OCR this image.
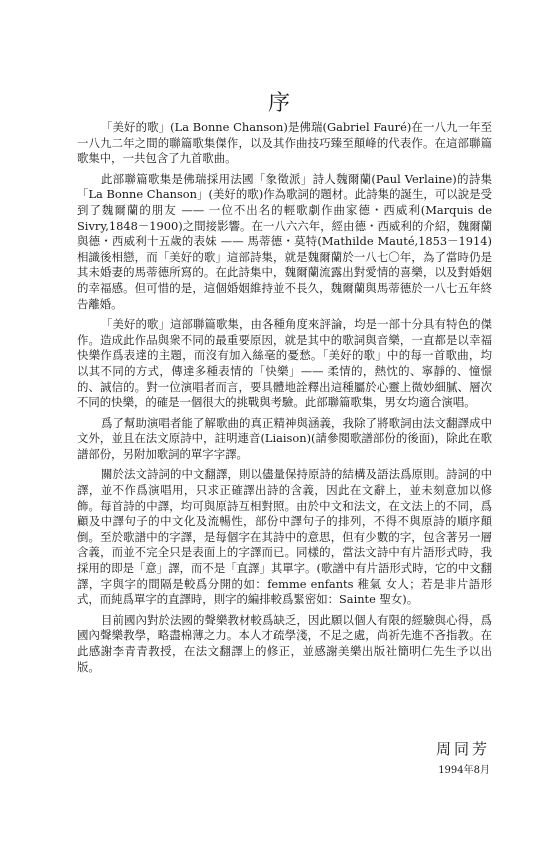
序

「美好的歌」(La Bonne Chanson)是佛瑞(Gabriel Fauré)在一八九一年至一八九二年之間的聯篇歌集傑作，以及其作曲技巧臻至顛峰的代表作。在這部聯篇歌集中，一共包含了九首歌曲。

此部聯篇歌集是佛瑞採用法國「象徵派」詩人魏爾蘭(Paul Verlaine)的詩集「La Bonne Chanson」(美好的歌)作為歌詞的題材。此詩集的誕生，可以說是受到了魏爾蘭的朋友 —— 一位不出名的輕歌劇作曲家德・西威利(Marquis de Sivry,1848－1900)之間接影響。在一八六六年，經由德・西威利的介紹，魏爾蘭與德・西威利十五歲的表妹 —— 馬蒂德・莫特(Mathilde Mauté,1853－1914)相識後相戀，而「美好的歌」這部詩集，就是魏爾蘭於一八七〇年，為了當時仍是其未婚妻的馬蒂德所寫的。在此詩集中，魏爾蘭流露出對愛情的喜樂，以及對婚姻的幸福感。但可惜的是，這個婚姻維持並不長久，魏爾蘭與馬蒂德於一八七五年終告離婚。

「美好的歌」這部聯篇歌集，由各種角度來評論，均是一部十分具有特色的傑作。造成此作品與衆不同的最重要原因，就是其中的歌詞與音樂，一直都是以幸福快樂作爲表達的主題，而沒有加入絲毫的憂愁。「美好的歌」中的每一首歌曲，均以其不同的方式，傳達多種表情的「快樂」—— 柔情的，熱忱的、寧靜的、憧憬的、誠信的。對一位演唱者而言，要具體地詮釋出這種屬於心靈上微妙細膩、層次不同的快樂，的確是一個很大的挑戰與考驗。此部聯篇歌集，男女均適合演唱。

爲了幫助演唱者能了解歌曲的真正精神與涵義，我除了將歌詞由法文翻譯成中文外，並且在法文原詩中，註明連音(Liaison)(請參閱歌譜部份的後面)，除此在歌譜部份，另附加歌詞的單字字譯。

關於法文詩詞的中文翻譯，則以儘量保持原詩的結構及語法爲原則。詩詞的中譯，並不作爲演唱用，只求正確譯出詩的含義，因此在文辭上，並未刻意加以修飾。每首詩的中譯，均可與原詩互相對照。由於中文和法文，在文法上的不同，爲顧及中譯句子的中文化及流暢性，部份中譯句子的排列，不得不與原詩的順序顛倒。至於歌譜中的字譯，是每個字在其詩中的意思，但有少數的字，包含著另一層含義，而並不完全只是表面上的字譯而已。同樣的，當法文詩中有片語形式時，我採用的即是「意」譯，而不是「直譯」其單字。(歌譜中有片語形式時，它的中文翻譯，字與字的間隔是較爲分開的如：femme enfants 稚氣 女人；若是非片語形式，而純爲單字的直譯時，則字的編排較爲緊密如：Sainte 聖女)。

目前國內對於法國的聲樂教材較爲缺乏，因此願以個人有限的經驗與心得，爲國內聲樂教學，略盡棉薄之力。本人才疏學淺，不足之處，尚祈先進不吝指教。在此感謝李青青教授，在法文翻譯上的修正，並感謝美樂出版社簡明仁先生予以出版。

周同芳
1994年8月
